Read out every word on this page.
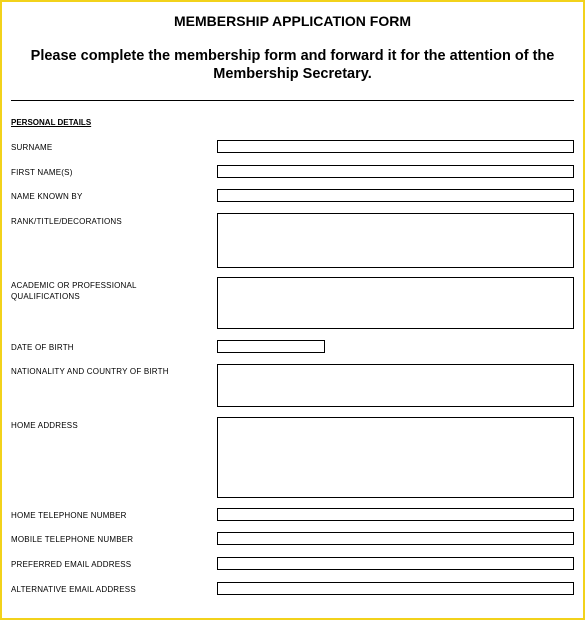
MEMBERSHIP APPLICATION FORM
Please complete the membership form and forward it for the attention of the
Membership Secretary.
PERSONAL DETAILS
SURNAME
FIRST NAME(S)
NAME KNOWN BY
RANK/TITLE/DECORATIONS
ACADEMIC OR PROFESSIONAL
QUALIFICATIONS
DATE OF BIRTH
NATIONALITY AND COUNTRY OF BIRTH
HOME ADDRESS
HOME TELEPHONE NUMBER
MOBILE TELEPHONE NUMBER
PREFERRED EMAIL ADDRESS
ALTERNATIVE EMAIL ADDRESS
